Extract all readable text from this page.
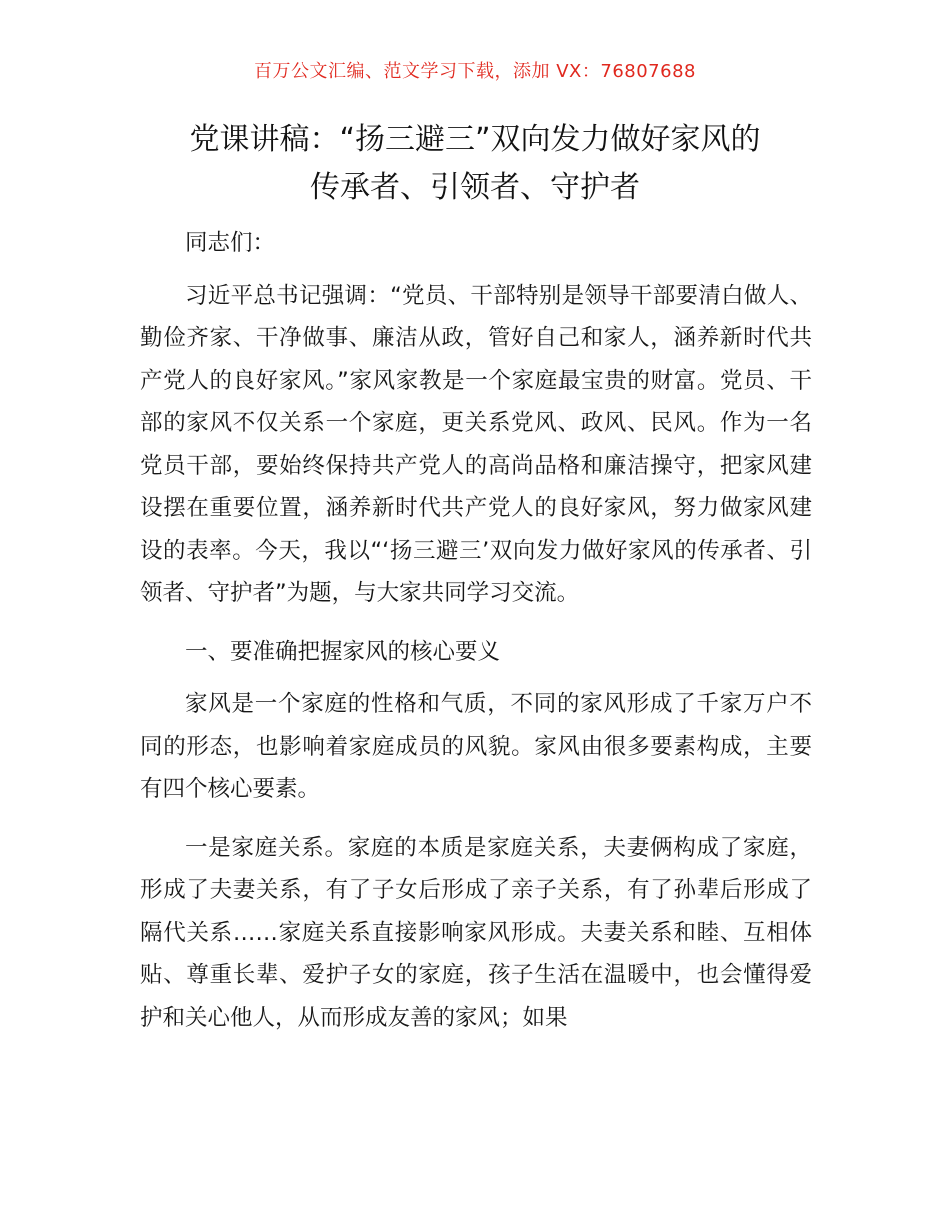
百万公文汇编、范文学习下载，添加 VX：76807688
党课讲稿：“扬三避三”双向发力做好家风的
传承者、引领者、守护者

同志们：

习近平总书记强调：“党员、干部特别是领导干部要清白做人、勤俭齐家、干净做事、廉洁从政，管好自己和家人，涵养新时代共产党人的良好家风。”家风家教是一个家庭最宝贵的财富。党员、干部的家风不仅关系一个家庭，更关系党风、政风、民风。作为一名党员干部，要始终保持共产党人的高尚品格和廉洁操守，把家风建设摆在重要位置，涵养新时代共产党人的良好家风，努力做家风建设的表率。今天，我以“‘扬三避三’双向发力做好家风的传承者、引领者、守护者”为题，与大家共同学习交流。

一、要准确把握家风的核心要义

家风是一个家庭的性格和气质，不同的家风形成了千家万户不同的形态，也影响着家庭成员的风貌。家风由很多要素构成，主要有四个核心要素。

一是家庭关系。家庭的本质是家庭关系，夫妻俩构成了家庭，形成了夫妻关系，有了子女后形成了亲子关系，有了孙辈后形成了隔代关系……家庭关系直接影响家风形成。夫妻关系和睦、互相体贴、尊重长辈、爱护子女的家庭，孩子生活在温暖中，也会懂得爱护和关心他人，从而形成友善的家风；如果
